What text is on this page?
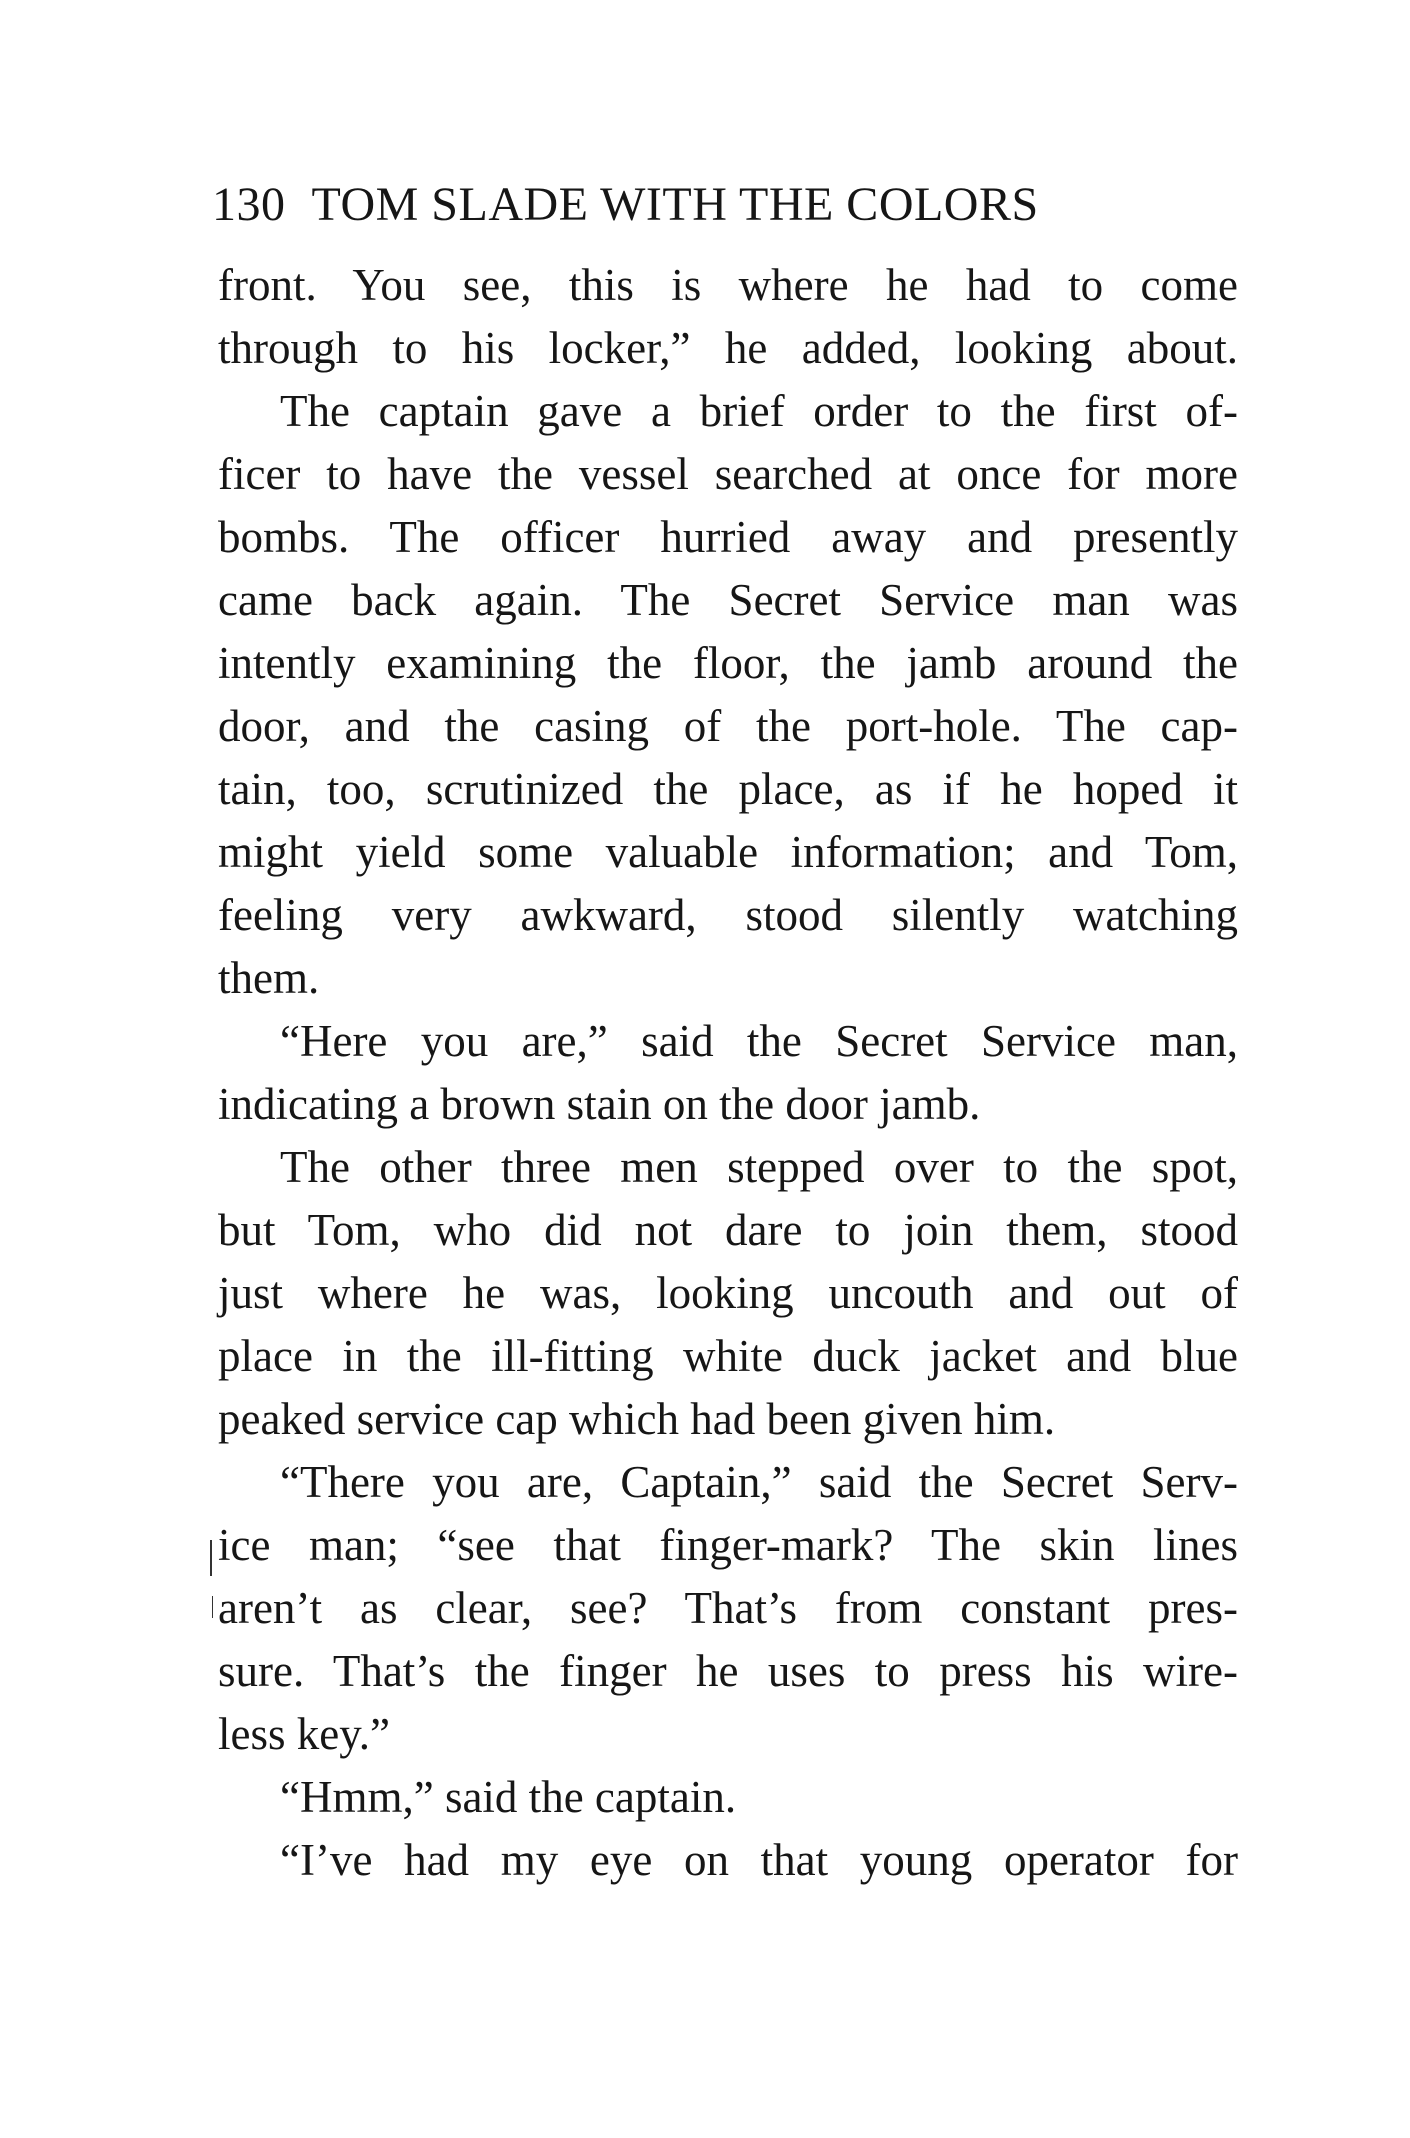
130 TOM SLADE WITH THE COLORS
front. You see, this is where he had to come
through to his locker,” he added, looking about.
The captain gave a brief order to the first of-
ficer to have the vessel searched at once for more
bombs. The officer hurried away and presently
came back again. The Secret Service man was
intently examining the floor, the jamb around the
door, and the casing of the port-hole. The cap-
tain, too, scrutinized the place, as if he hoped it
might yield some valuable information; and Tom,
feeling very awkward, stood silently watching
them.
“Here you are,” said the Secret Service man,
indicating a brown stain on the door jamb.
The other three men stepped over to the spot,
but Tom, who did not dare to join them, stood
just where he was, looking uncouth and out of
place in the ill-fitting white duck jacket and blue
peaked service cap which had been given him.
“There you are, Captain,” said the Secret Serv-
ice man; “see that finger-mark? The skin lines
aren’t as clear, see? That’s from constant pres-
sure. That’s the finger he uses to press his wire-
less key.”
“Hmm,” said the captain.
“I’ve had my eye on that young operator for
